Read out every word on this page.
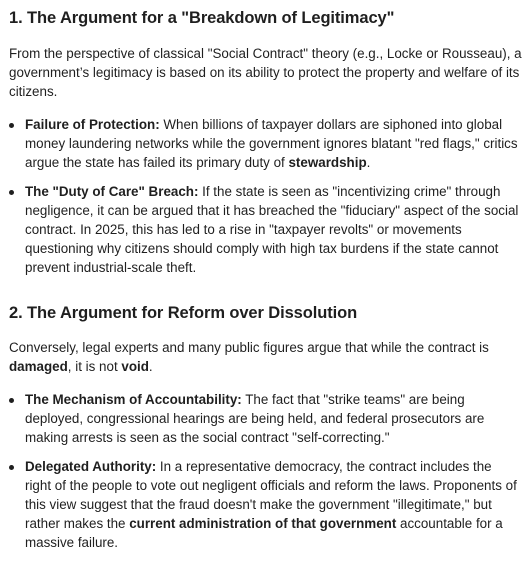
1. The Argument for a "Breakdown of Legitimacy"

From the perspective of classical "Social Contract" theory (e.g., Locke or Rousseau), a government’s legitimacy is based on its ability to protect the property and welfare of its citizens.

Failure of Protection: When billions of taxpayer dollars are siphoned into global money laundering networks while the government ignores blatant "red flags," critics argue the state has failed its primary duty of stewardship.
The "Duty of Care" Breach: If the state is seen as "incentivizing crime" through negligence, it can be argued that it has breached the "fiduciary" aspect of the social contract. In 2025, this has led to a rise in "taxpayer revolts" or movements questioning why citizens should comply with high tax burdens if the state cannot prevent industrial-scale theft.
2. The Argument for Reform over Dissolution

Conversely, legal experts and many public figures argue that while the contract is damaged, it is not void.

The Mechanism of Accountability: The fact that "strike teams" are being deployed, congressional hearings are being held, and federal prosecutors are making arrests is seen as the social contract "self-correcting."
Delegated Authority: In a representative democracy, the contract includes the right of the people to vote out negligent officials and reform the laws. Proponents of this view suggest that the fraud doesn't make the government "illegitimate," but rather makes the current administration of that government accountable for a massive failure.
